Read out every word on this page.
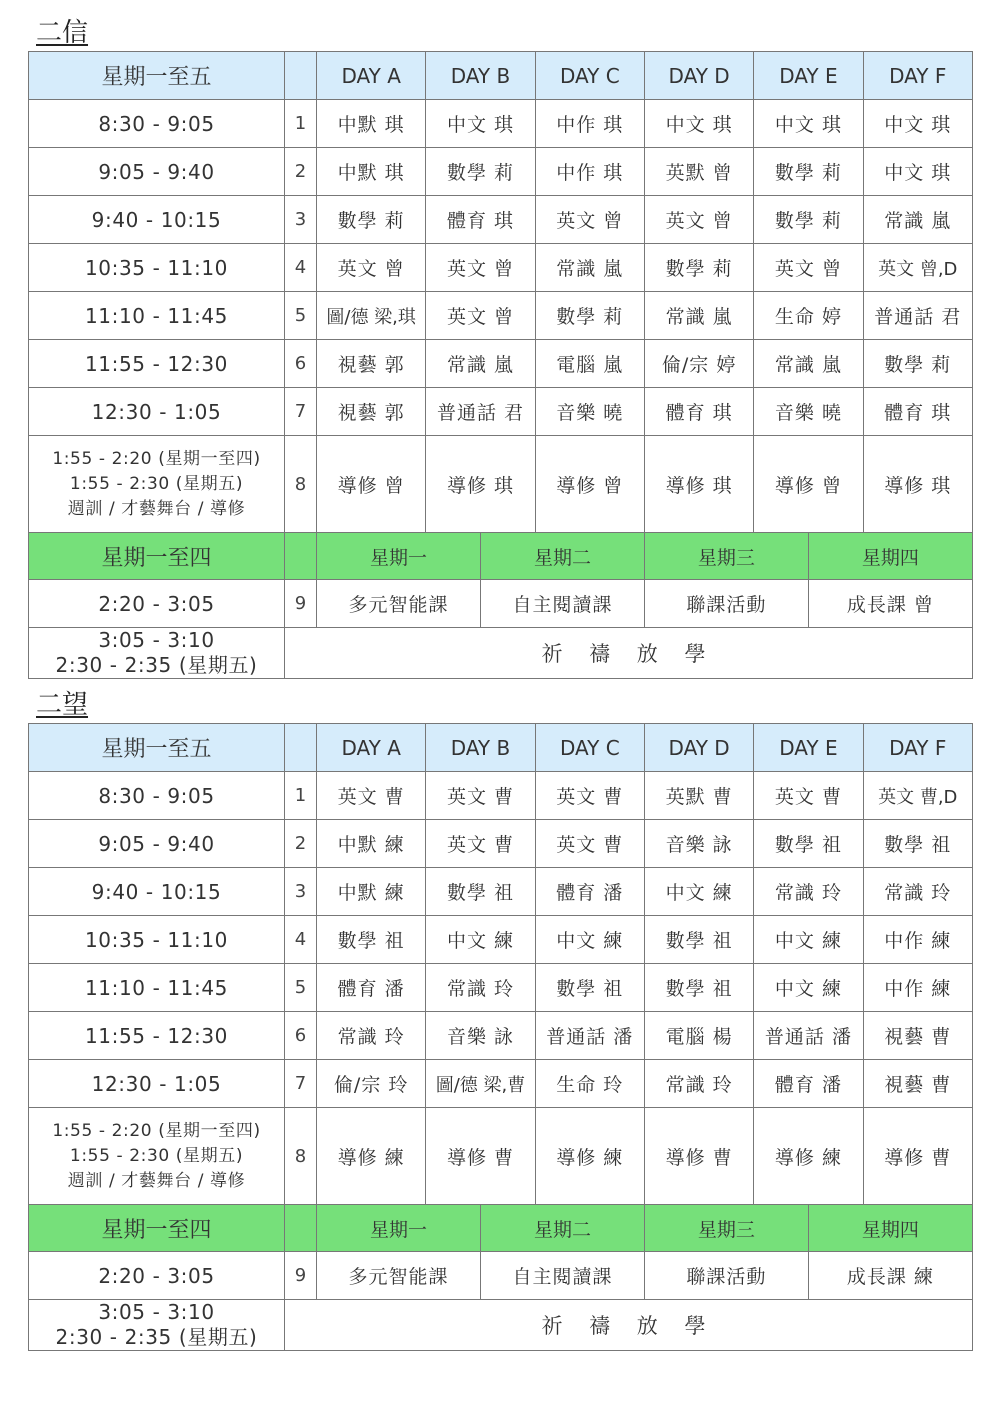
二信
星期一至五		DAY A	DAY B		DAY C	DAY D	DAY E		DAY F
8:30 - 9:05	1	中默 琪	中文 琪		中作 琪	中文 琪	中文 琪		中文 琪
9:05 - 9:40	2	中默 琪	數學 莉		中作 琪	英默 曾	數學 莉		中文 琪
9:40 - 10:15	3	數學 莉	體育 琪		英文 曾	英文 曾	數學 莉		常識 嵐
10:35 - 11:10	4	英文 曾	英文 曾		常識 嵐	數學 莉	英文 曾		英文 曾,D
11:10 - 11:45	5	圖/德 梁,琪	英文 曾		數學 莉	常識 嵐	生命 婷		普通話 君
11:55 - 12:30	6	視藝 郭	常識 嵐		電腦 嵐	倫/宗 婷	常識 嵐		數學 莉
12:30 - 1:05	7	視藝 郭	普通話 君		音樂 曉	體育 琪	音樂 曉		體育 琪

1:55 - 2:20 (星期一至四)
1:55 - 2:30 (星期五)
週訓 / 才藝舞台 / 導修	8	導修 曾	導修 琪		導修 曾	導修 琪	導修 曾		導修 琪
星期一至四		星期一		星期二		星期三		星期四	
2:20 - 3:05	9	多元智能課		自主閱讀課		聯課活動		成長課 曾	

3:05 - 3:10
2:30 - 2:35 (星期五)	祈 禱 放 學								
二望
星期一至五		DAY A	DAY B		DAY C	DAY D	DAY E		DAY F
8:30 - 9:05	1	英文 曹	英文 曹		英文 曹	英默 曹	英文 曹		英文 曹,D
9:05 - 9:40	2	中默 練	英文 曹		英文 曹	音樂 詠	數學 祖		數學 祖
9:40 - 10:15	3	中默 練	數學 祖		體育 潘	中文 練	常識 玲		常識 玲
10:35 - 11:10	4	數學 祖	中文 練		中文 練	數學 祖	中文 練		中作 練
11:10 - 11:45	5	體育 潘	常識 玲		數學 祖	數學 祖	中文 練		中作 練
11:55 - 12:30	6	常識 玲	音樂 詠		普通話 潘	電腦 楊	普通話 潘		視藝 曹
12:30 - 1:05	7	倫/宗 玲	圖/德 梁,曹		生命 玲	常識 玲	體育 潘		視藝 曹

1:55 - 2:20 (星期一至四)
1:55 - 2:30 (星期五)
週訓 / 才藝舞台 / 導修	8	導修 練	導修 曹		導修 練	導修 曹	導修 練		導修 曹
星期一至四		星期一		星期二		星期三		星期四	
2:20 - 3:05	9	多元智能課		自主閱讀課		聯課活動		成長課 練	

3:05 - 3:10
2:30 - 2:35 (星期五)	祈 禱 放 學								
